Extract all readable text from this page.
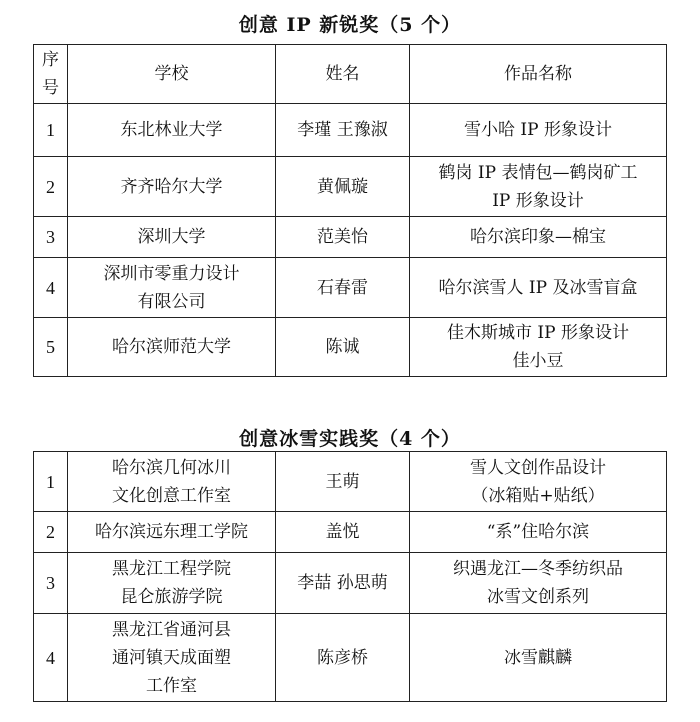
创意 IP 新锐奖（5 个）
序
号	学校	姓名	作品名称
1	东北林业大学	李瑾 王豫淑	雪小哈 IP 形象设计

2	齐齐哈尔大学	黄佩璇	鹤岗 IP 表情包—鹤岗矿工
IP 形象设计

3	深圳大学	范美怡	哈尔滨印象—棉宝

4	深圳市零重力设计
有限公司	石春雷	哈尔滨雪人 IP 及冰雪盲盒

5	哈尔滨师范大学	陈诚	佳木斯城市 IP 形象设计
佳小豆
创意冰雪实践奖（4 个）
1	哈尔滨几何冰川
文化创意工作室	王萌	雪人文创作品设计
（冰箱贴+贴纸）

2	哈尔滨远东理工学院	盖悦	“系”住哈尔滨

3	黑龙江工程学院
昆仑旅游学院	李喆 孙思萌	织遇龙江—冬季纺织品
冰雪文创系列

4	黑龙江省通河县
通河镇天成面塑
工作室	陈彦桥	冰雪麒麟
